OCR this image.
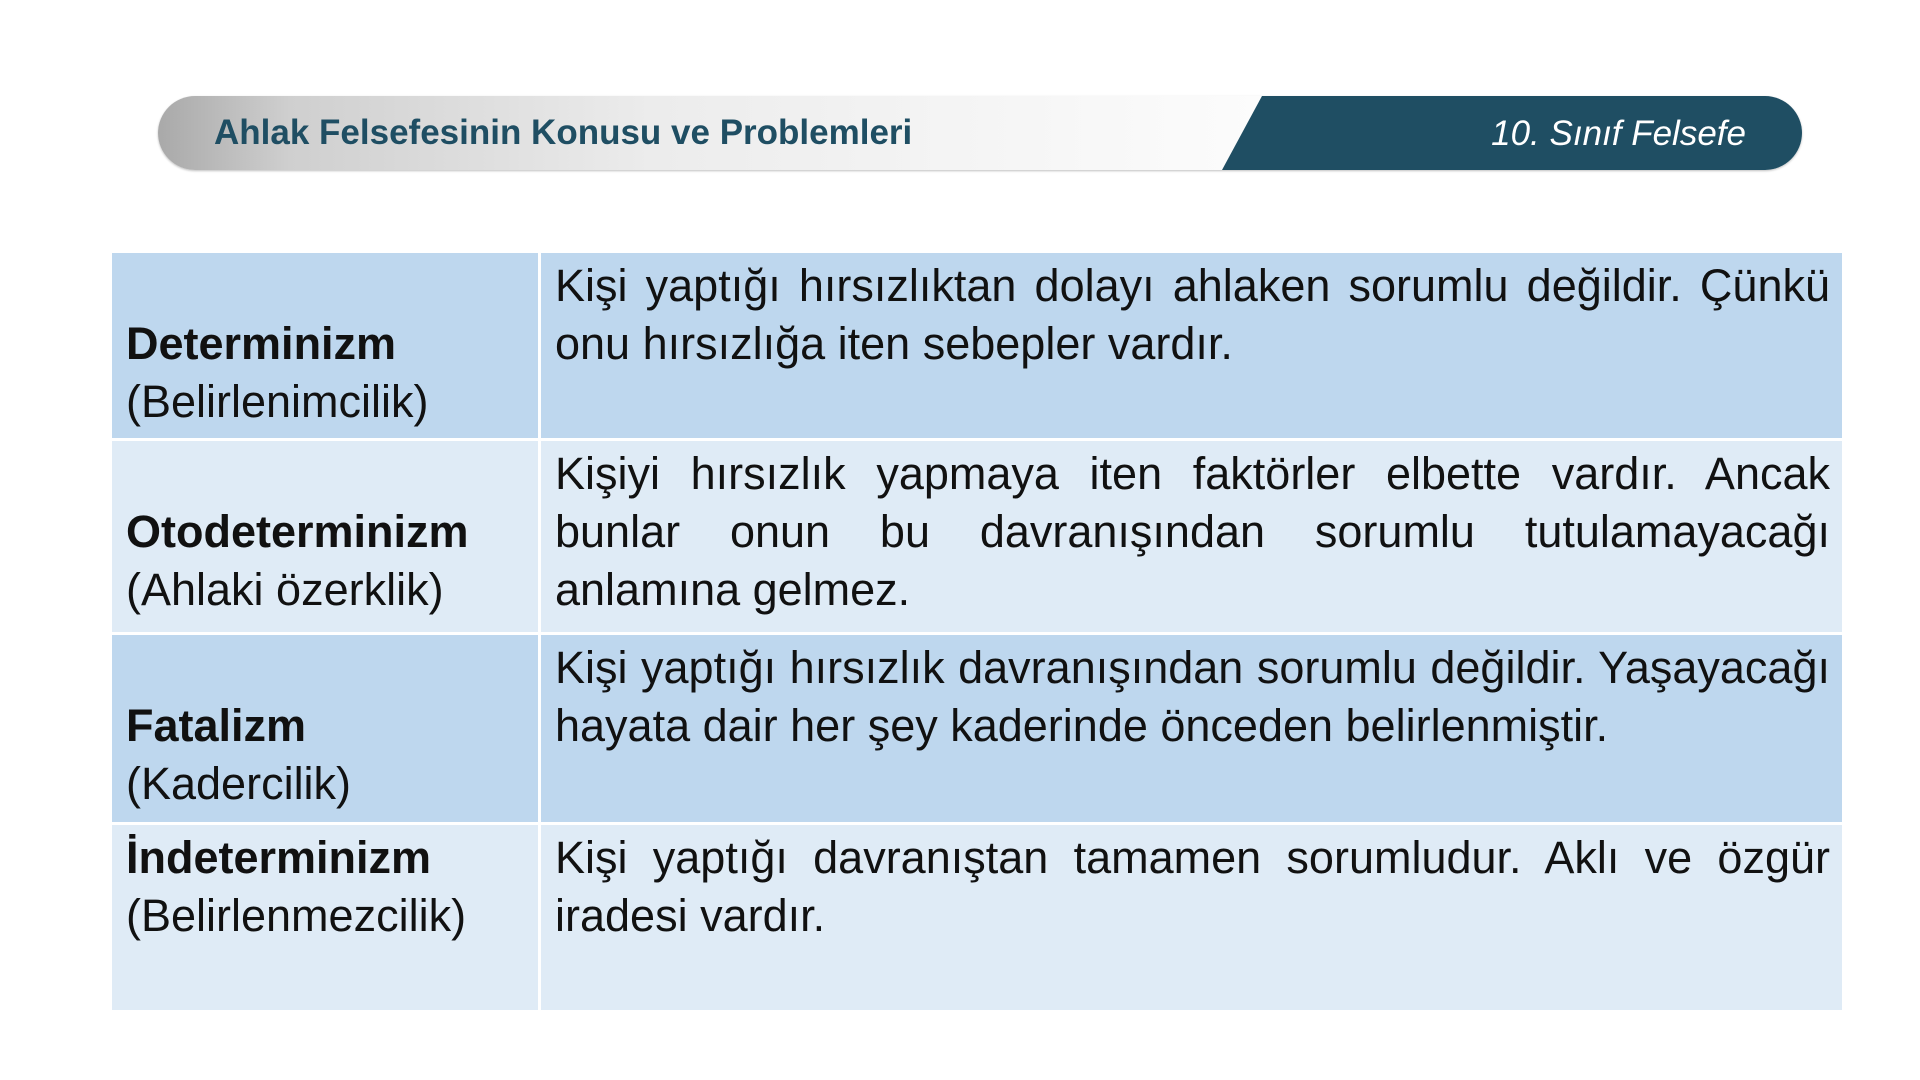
Ahlak Felsefesinin Konusu ve Problemleri	10. Sınıf Felsefe
Determinizm
(Belirlenimcilik)	Kişi yaptığı hırsızlıktan dolayı ahlaken sorumlu değildir. Çünkü onu hırsızlığa iten sebepler vardır.

Otodeterminizm
(Ahlaki özerklik)	Kişiyi hırsızlık yapmaya iten faktörler elbette vardır. Ancak bunlar onun bu davranışından sorumlu tutulamayacağı anlamına gelmez.

Fatalizm
(Kadercilik)	Kişi yaptığı hırsızlık davranışından sorumlu değildir. Yaşayacağı hayata dair her şey kaderinde önceden belirlenmiştir.

İndeterminizm
(Belirlenmezcilik)	Kişi yaptığı davranıştan tamamen sorumludur. Aklı ve özgür iradesi vardır.
